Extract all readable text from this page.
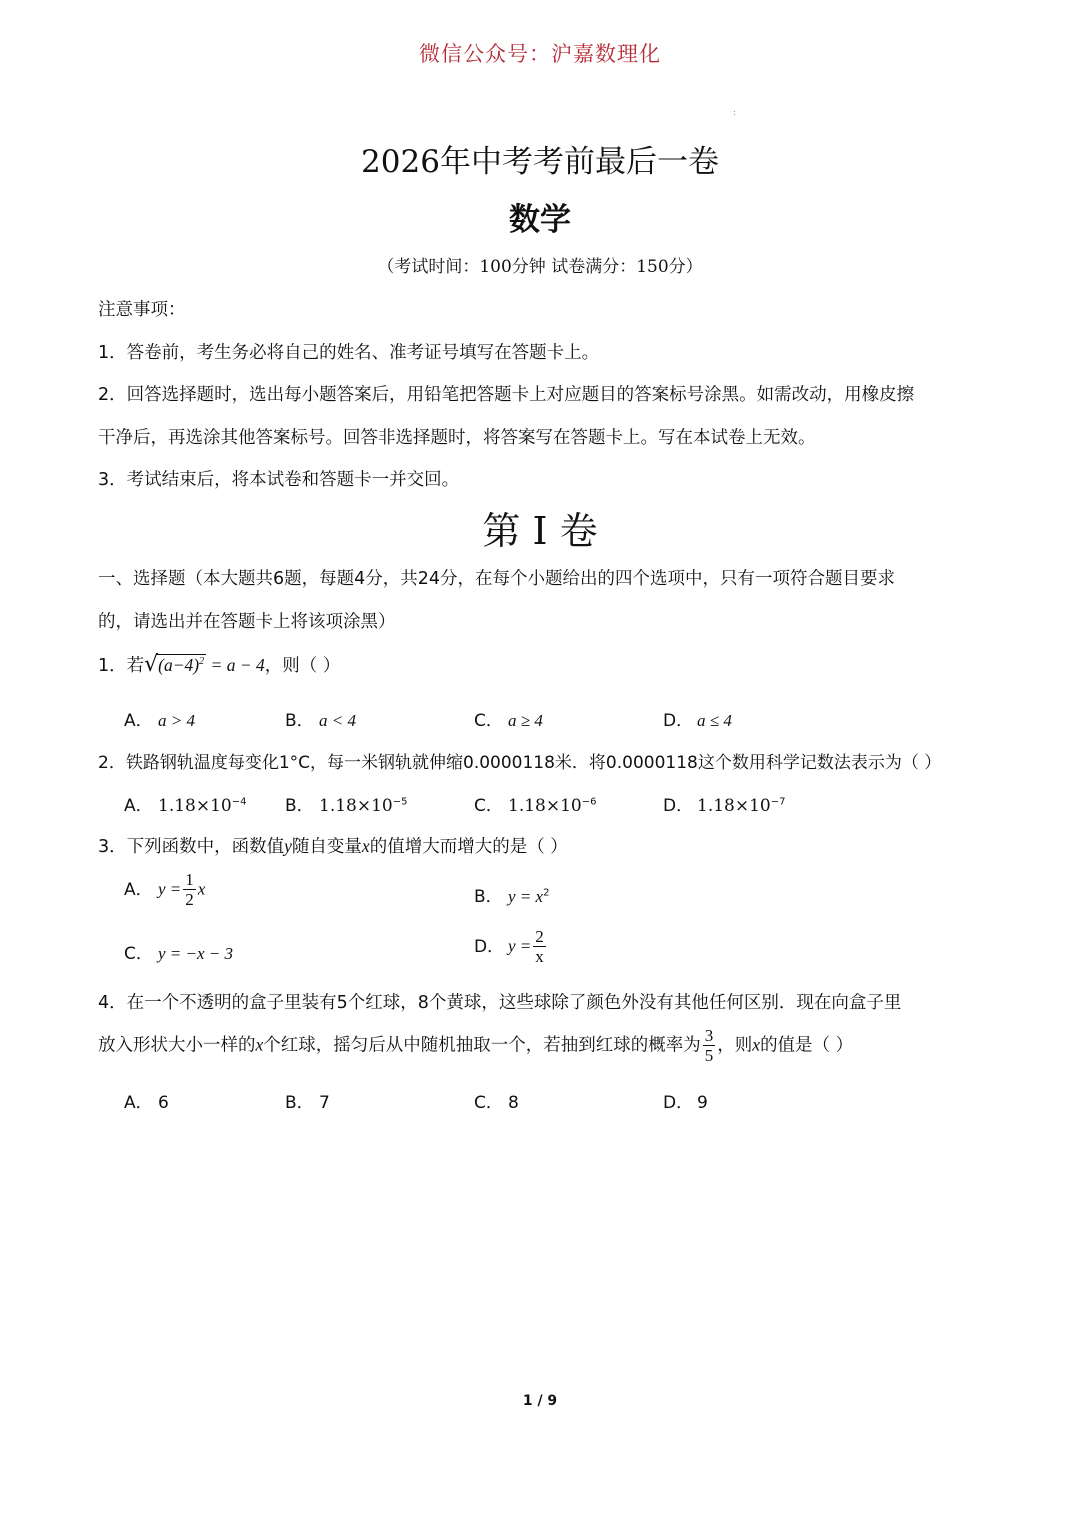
微信公众号：沪嘉数理化
:
2026年中考考前最后一卷
数学
（考试时间：100分钟 试卷满分：150分）
注意事项：
1．答卷前，考生务必将自己的姓名、准考证号填写在答题卡上。
2．回答选择题时，选出每小题答案后，用铅笔把答题卡上对应题目的答案标号涂黑。如需改动，用橡皮擦
干净后，再选涂其他答案标号。回答非选择题时，将答案写在答题卡上。写在本试卷上无效。
3．考试结束后，将本试卷和答题卡一并交回。
第 I 卷
一、选择题（本大题共6题，每题4分，共24分，在每个小题给出的四个选项中，只有一项符合题目要求
的，请选出并在答题卡上将该项涂黑）
1．若$√(a-4)^2 = a - 4$，则（ ）
A． a > 4	B． a < 4	C． a ≥ 4	D． a ≤ 4
2．铁路钢轨温度每变化1°C，每一米钢轨就伸缩0.0000118米．将0.0000118这个数用科学记数法表示为（ ）
A． $1.18\times 10^{-4}$ B． $1.18\times 10^{-5}$	C． $1.18\times 10^{-6}$	D． $1.18\times 10^{-7}$
3．下列函数中，函数值y随自变量x的值增大而增大的是（ ）
A． $y = \frac{1}{2}$ x	B． $y = x^2$
C． y = −x − 3	D． $y = \frac{2}{x}$
4．在一个不透明的盒子里装有5个红球，8个黄球，这些球除了颜色外没有其他任何区别．现在向盒子里
放入形状大小一样的x个红球，摇匀后从中随机抽取一个，若抽到红球的概率为 $\frac{3}{5}$ ，则x的值是（ ）
A． 6	B． 7	C． 8	D． 9
1 / 9
